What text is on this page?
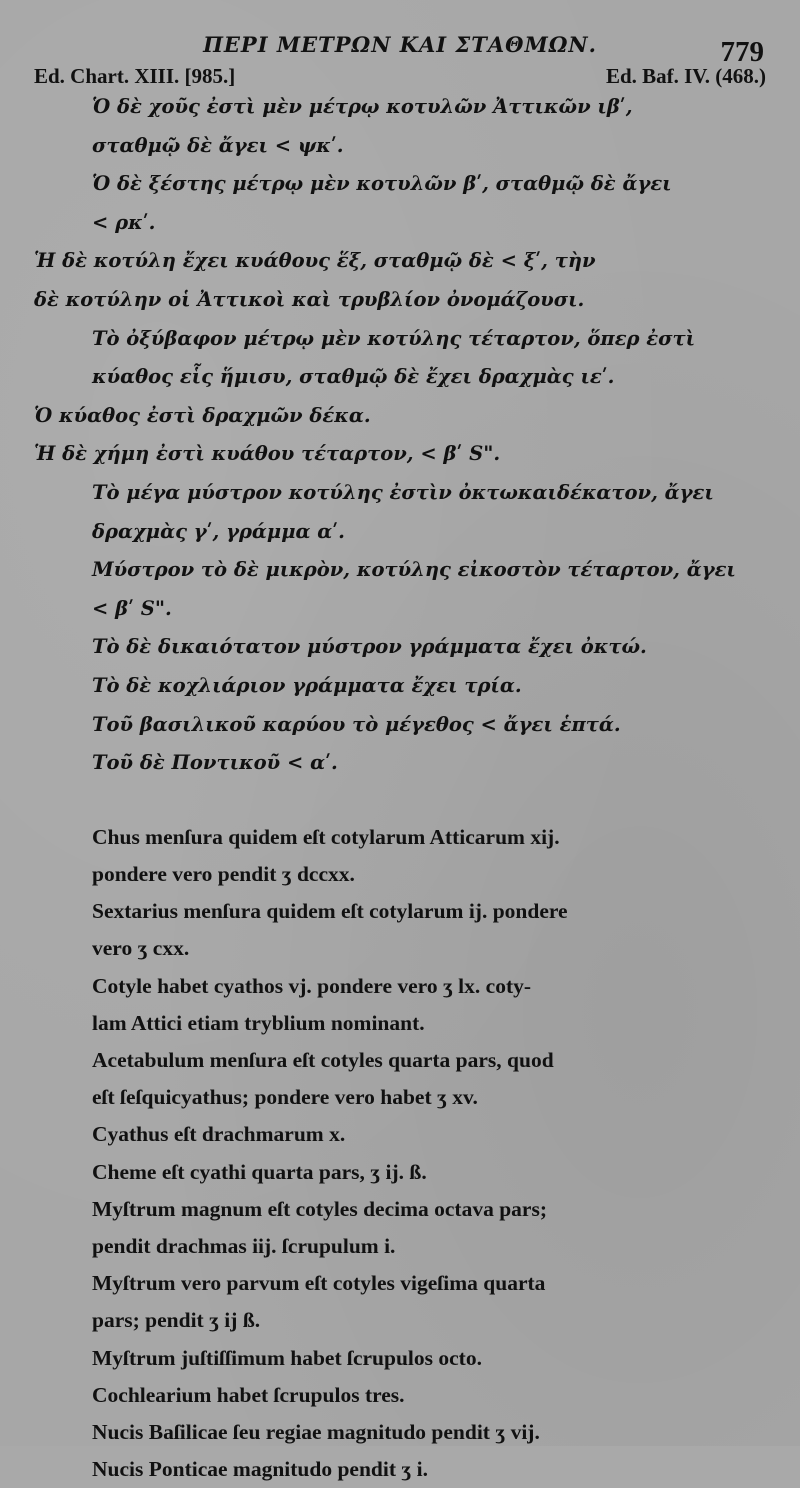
ΠΕΡΙ ΜΕΤΡΩΝ ΚΑΙ ΣΤΑΘΜΩΝ.	779
Ed. Chart. XIII. [985.]	Ed. Baf. IV. (468.)
Ὁ δὲ χοῦς ἐστὶ μὲν μέτρῳ κοτυλῶν Ἀττικῶν ιβʹ,
σταθμῷ δὲ ἄγει < ψκʹ.
Ὁ δὲ ξέστης μέτρῳ μὲν κοτυλῶν βʹ, σταθμῷ δὲ ἄγει
< ρκʹ.
Ἡ δὲ κοτύλη ἔχει κυάθους ἕξ, σταθμῷ δὲ < ξʹ, τὴν
δὲ κοτύλην οἱ Ἀττικοὶ καὶ τρυβλίον ὀνομάζουσι.
Τὸ ὀξύβαφον μέτρῳ μὲν κοτύλης τέταρτον, ὅπερ ἐστὶ
κύαθος εἷς ἥμισυ, σταθμῷ δὲ ἔχει δραχμὰς ιεʹ.
Ὁ κύαθος ἐστὶ δραχμῶν δέκα.
Ἡ δὲ χήμη ἐστὶ κυάθου τέταρτον, < βʹ S".
Τὸ μέγα μύστρον κοτύλης ἐστὶν ὀκτωκαιδέκατον, ἄγει
δραχμὰς γʹ, γράμμα αʹ.
Μύστρον τὸ δὲ μικρὸν, κοτύλης εἰκοστὸν τέταρτον, ἄγει
< βʹ S".
Τὸ δὲ δικαιότατον μύστρον γράμματα ἔχει ὀκτώ.
Τὸ δὲ κοχλιάριον γράμματα ἔχει τρία.
Τοῦ βασιλικοῦ καρύου τὸ μέγεθος < ἄγει ἑπτά.
Τοῦ δὲ Ποντικοῦ < αʹ.
Chus menſura quidem eſt cotylarum Atticarum xij.
pondere vero pendit ʒ dccxx.
Sextarius menſura quidem eſt cotylarum ij. pondere
vero ʒ cxx.
Cotyle habet cyathos vj. pondere vero ʒ lx. coty-
lam Attici etiam tryblium nominant.
Acetabulum menſura eſt cotyles quarta pars, quod
eſt ſeſquicyathus; pondere vero habet ʒ xv.
Cyathus eſt drachmarum x.
Cheme eſt cyathi quarta pars, ʒ ij. ß.
Myſtrum magnum eſt cotyles decima octava pars;
pendit drachmas iij. ſcrupulum i.
Myſtrum vero parvum eſt cotyles vigeſima quarta
pars; pendit ʒ ij ß.
Myſtrum juſtiſſimum habet ſcrupulos octo.
Cochlearium habet ſcrupulos tres.
Nucis Baſilicae ſeu regiae magnitudo pendit ʒ vij.
Nucis Ponticae magnitudo pendit ʒ i.
